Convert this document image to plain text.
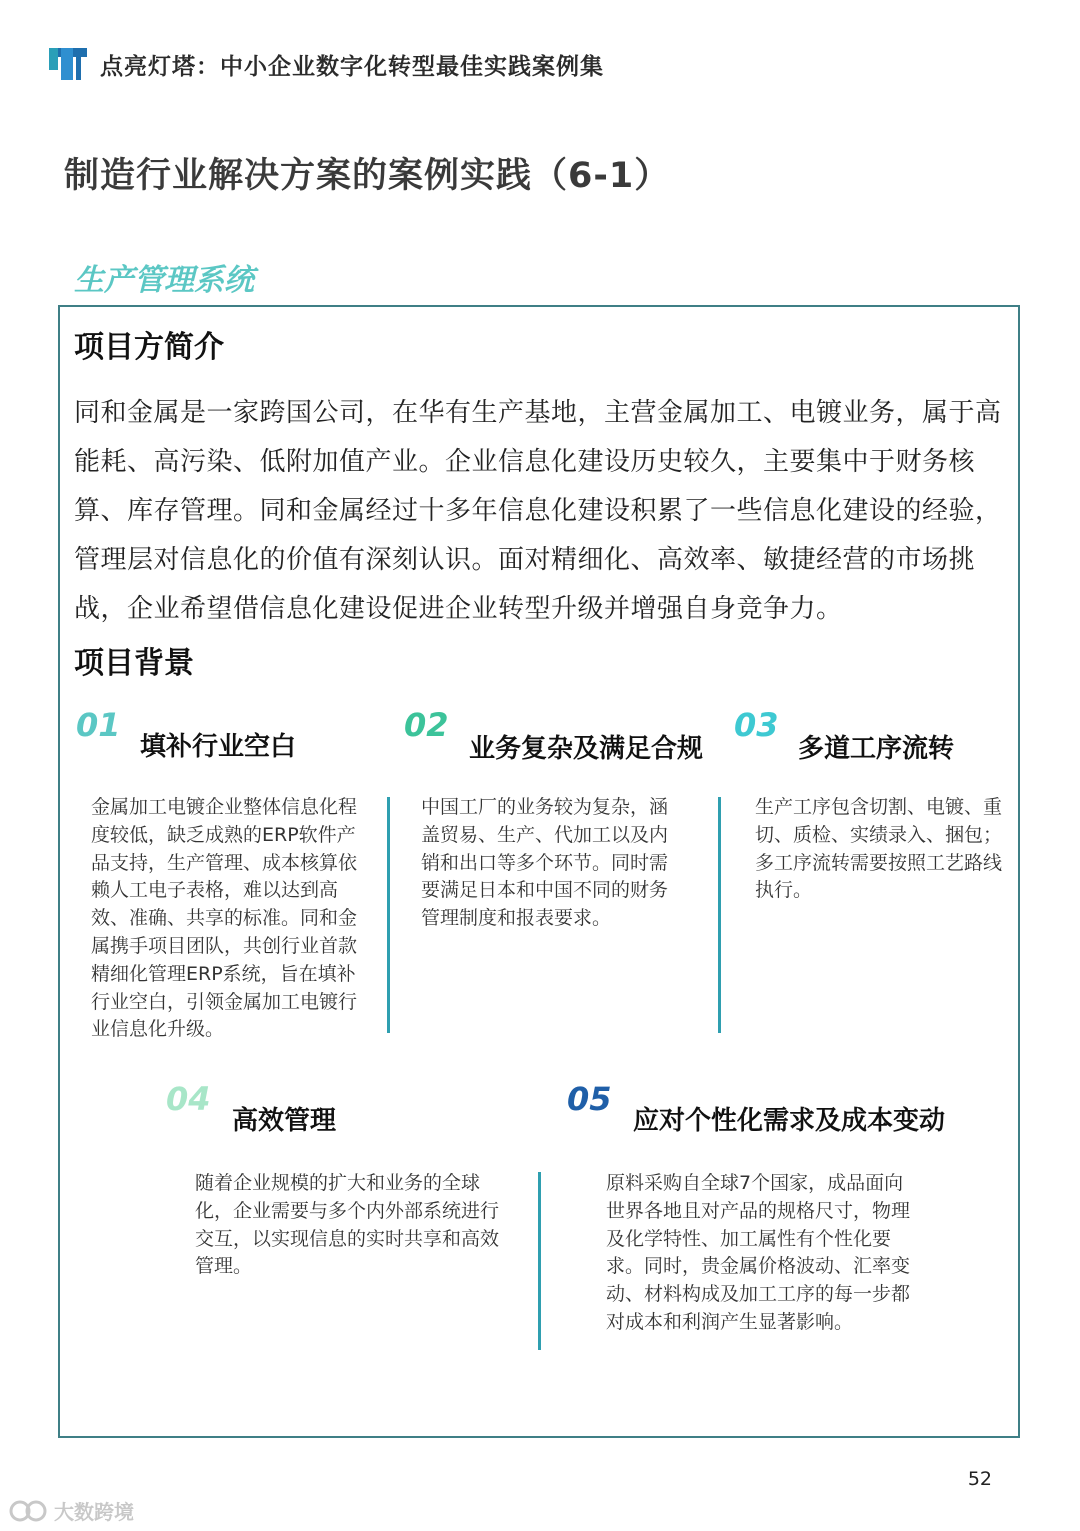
点亮灯塔：中小企业数字化转型最佳实践案例集
制造行业解决方案的案例实践（6-1）
生产管理系统
项目方简介

同和金属是一家跨国公司，在华有生产基地，主营金属加工、电镀业务，属于高能耗、高污染、低附加值产业。企业信息化建设历史较久，主要集中于财务核算、库存管理。同和金属经过十多年信息化建设积累了一些信息化建设的经验，管理层对信息化的价值有深刻认识。面对精细化、高效率、敏捷经营的市场挑战，企业希望借信息化建设促进企业转型升级并增强自身竞争力。

项目背景
01
填补行业空白

金属加工电镀企业整体信息化程度较低，缺乏成熟的ERP软件产品支持，生产管理、成本核算依赖人工电子表格，难以达到高效、准确、共享的标准。同和金属携手项目团队，共创行业首款精细化管理ERP系统，旨在填补行业空白，引领金属加工电镀行业信息化升级。

02
业务复杂及满足合规

中国工厂的业务较为复杂，涵盖贸易、生产、代加工以及内销和出口等多个环节。同时需要满足日本和中国不同的财务管理制度和报表要求。

03
多道工序流转

生产工序包含切割、电镀、重切、质检、实绩录入、捆包；多工序流转需要按照工艺路线执行。

04
高效管理

随着企业规模的扩大和业务的全球化，企业需要与多个内外部系统进行交互，以实现信息的实时共享和高效管理。

05
应对个性化需求及成本变动

原料采购自全球7个国家，成品面向世界各地且对产品的规格尺寸，物理及化学特性、加工属性有个性化要求。同时，贵金属价格波动、汇率变动、材料构成及加工工序的每一步都对成本和利润产生显著影响。

52
大数跨境
